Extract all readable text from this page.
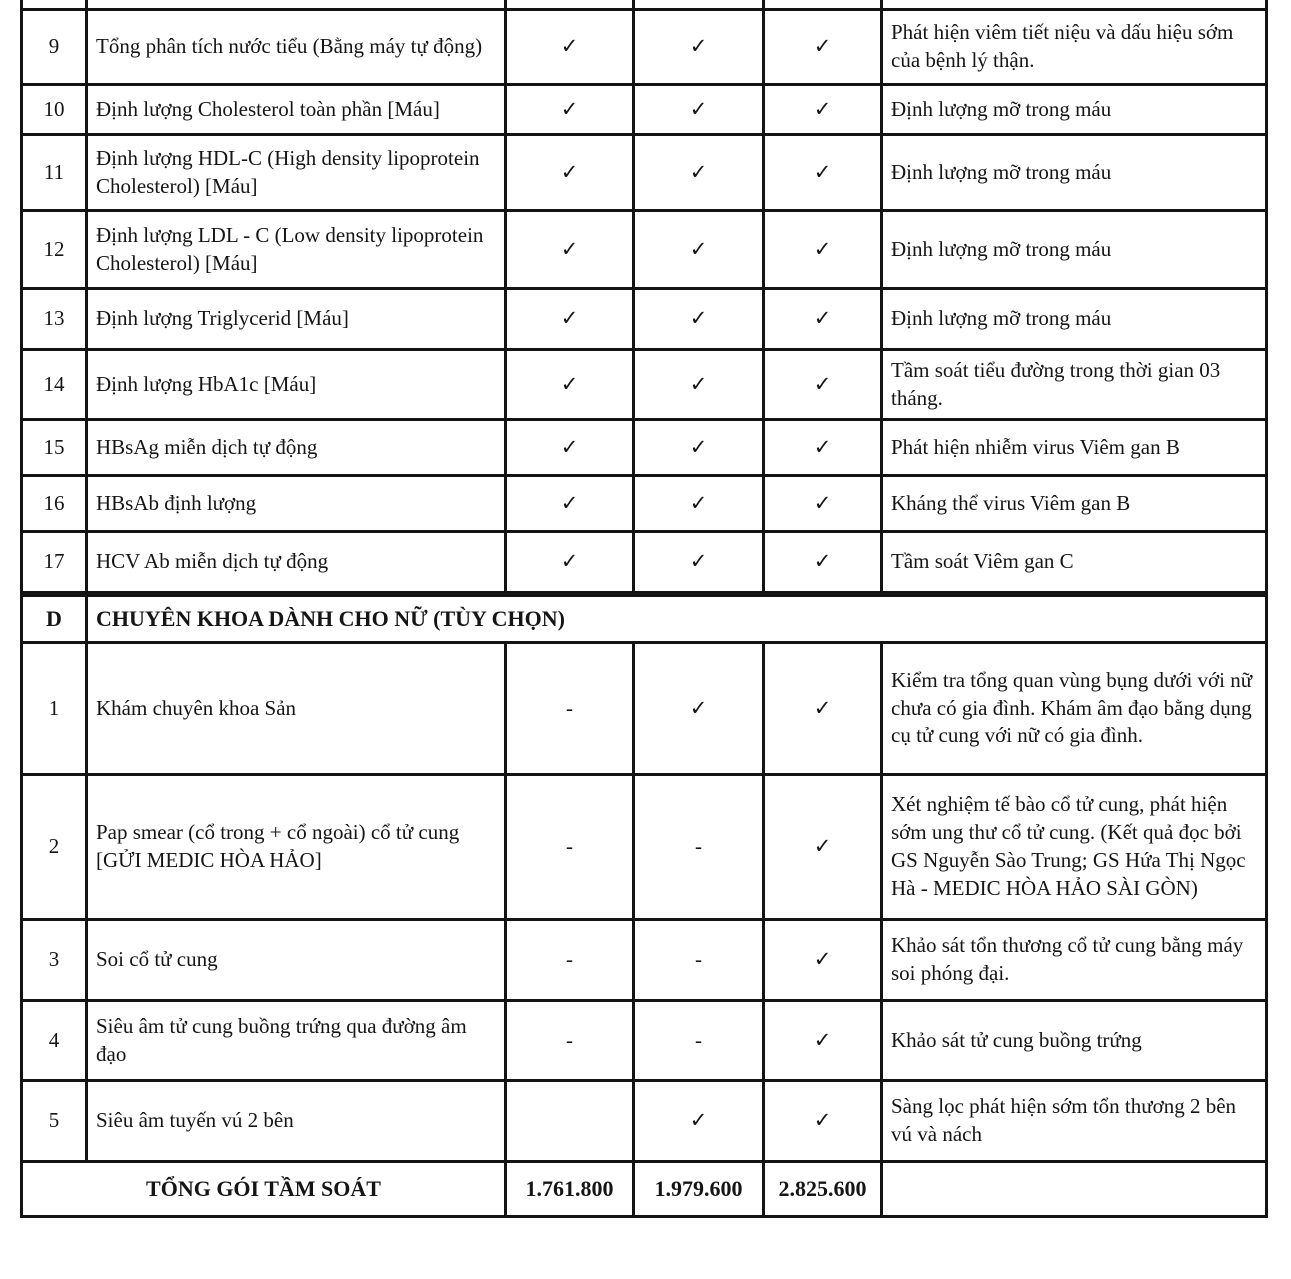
9	Tổng phân tích nước tiểu (Bằng máy tự động)	✓	✓	✓	Phát hiện viêm tiết niệu và dấu hiệu sớm của bệnh lý thận.
10	Định lượng Cholesterol toàn phần [Máu]	✓	✓	✓	Định lượng mỡ trong máu
11	Định lượng HDL-C (High density lipoprotein Cholesterol) [Máu]	✓	✓	✓	Định lượng mỡ trong máu
12	Định lượng LDL - C (Low density lipoprotein Cholesterol) [Máu]	✓	✓	✓	Định lượng mỡ trong máu
13	Định lượng Triglycerid [Máu]	✓	✓	✓	Định lượng mỡ trong máu
14	Định lượng HbA1c [Máu]	✓	✓	✓	Tầm soát tiểu đường trong thời gian 03 tháng.
15	HBsAg miễn dịch tự động	✓	✓	✓	Phát hiện nhiễm virus Viêm gan B
16	HBsAb định lượng	✓	✓	✓	Kháng thể virus Viêm gan B
17	HCV Ab miễn dịch tự động	✓	✓	✓	Tầm soát Viêm gan C
D	CHUYÊN KHOA DÀNH CHO NỮ (TÙY CHỌN)				
1	Khám chuyên khoa Sản	-	✓	✓	Kiểm tra tổng quan vùng bụng dưới với nữ chưa có gia đình. Khám âm đạo bằng dụng cụ tử cung với nữ có gia đình.
2	Pap smear (cổ trong + cổ ngoài) cổ tử cung [GỬI MEDIC HÒA HẢO]	-	-	✓	Xét nghiệm tế bào cổ tử cung, phát hiện sớm ung thư cổ tử cung. (Kết quả đọc bởi GS Nguyễn Sào Trung; GS Hứa Thị Ngọc Hà - MEDIC HÒA HẢO SÀI GÒN)
3	Soi cổ tử cung	-	-	✓	Khảo sát tổn thương cổ tử cung bằng máy soi phóng đại.
4	Siêu âm tử cung buồng trứng qua đường âm đạo	-	-	✓	Khảo sát tử cung buồng trứng
5	Siêu âm tuyến vú 2 bên		✓	✓	Sàng lọc phát hiện sớm tổn thương 2 bên vú và nách
TỔNG GÓI TẦM SOÁT		1.761.800	1.979.600	2.825.600	
